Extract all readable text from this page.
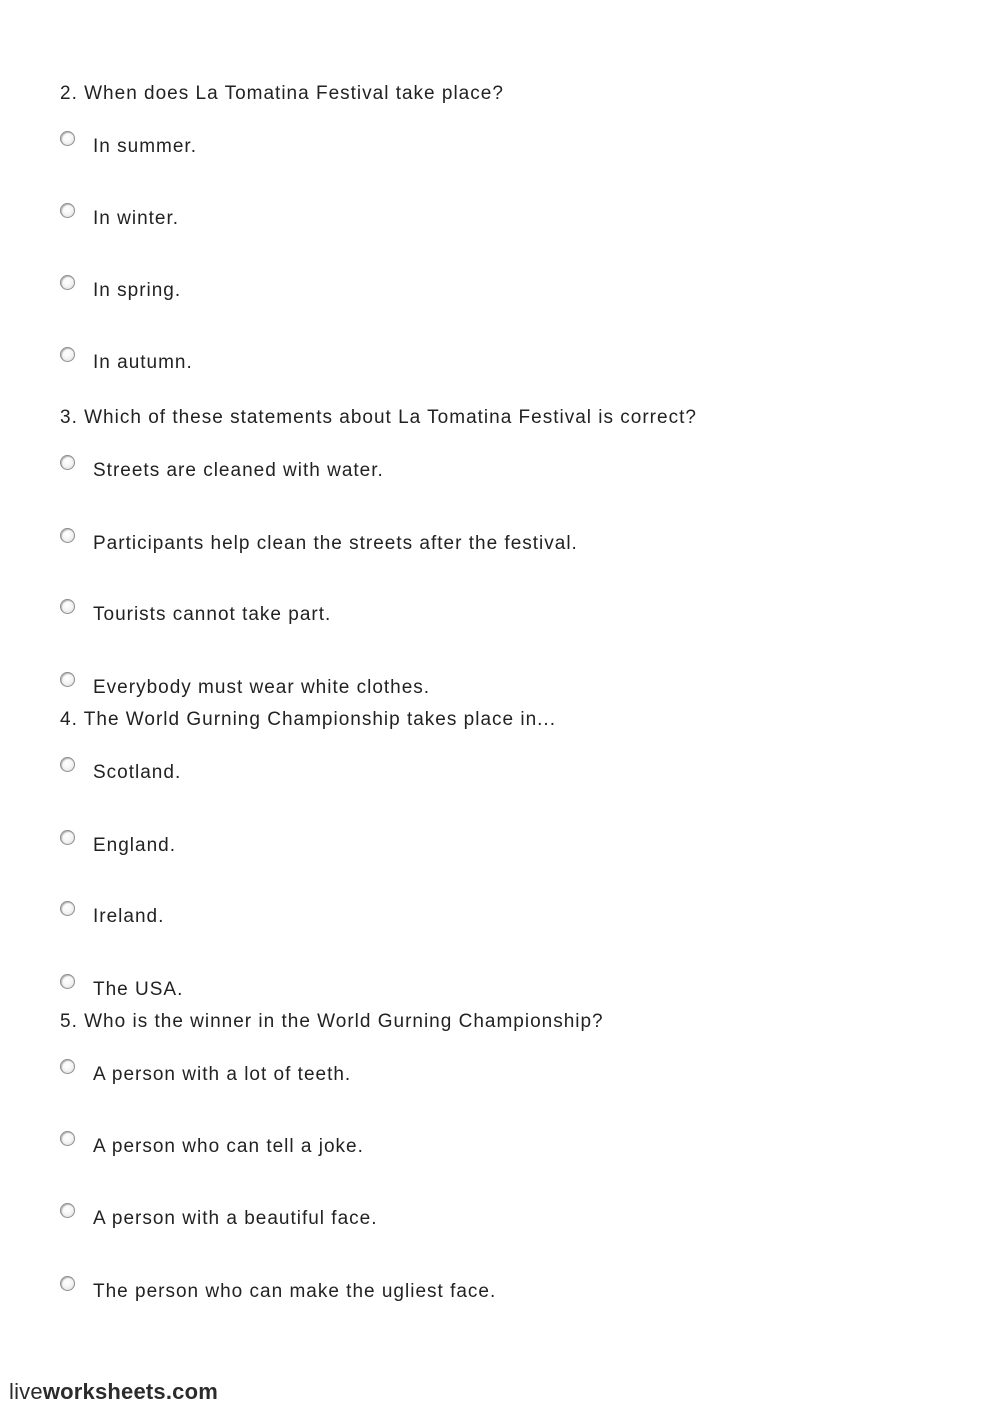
2. When does La Tomatina Festival take place?
In summer.
In winter.
In spring.
In autumn.
3. Which of these statements about La Tomatina Festival is correct?
Streets are cleaned with water.
Participants help clean the streets after the festival.
Tourists cannot take part.
Everybody must wear white clothes.
4. The World Gurning Championship takes place in...
Scotland.
England.
Ireland.
The USA.
5. Who is the winner in the World Gurning Championship?
A person with a lot of teeth.
A person who can tell a joke.
A person with a beautiful face.
The person who can make the ugliest face.
liveworksheets.com
